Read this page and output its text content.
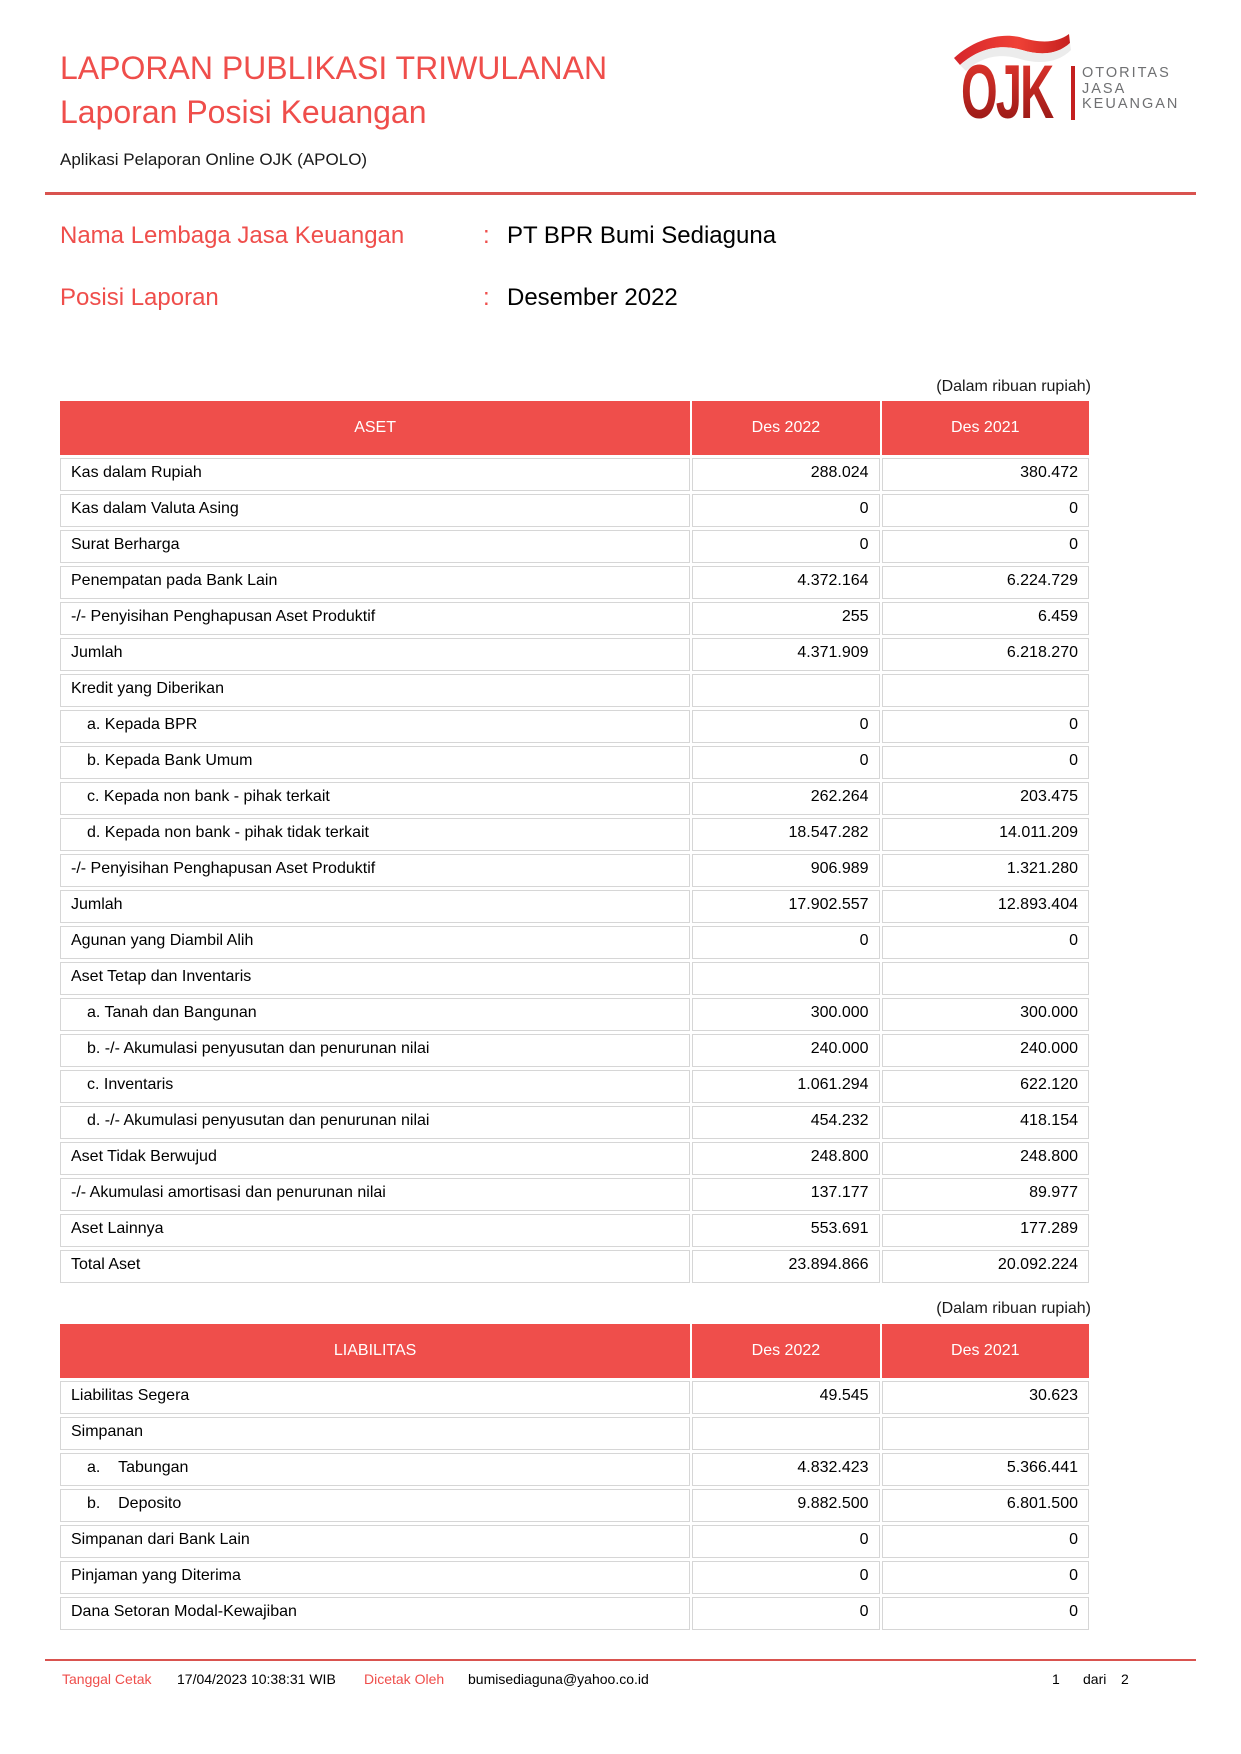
LAPORAN PUBLIKASI TRIWULANAN
Laporan Posisi Keuangan
Aplikasi Pelaporan Online OJK (APOLO)
OJK OTORITAS
JASA
KEUANGAN
Nama Lembaga Jasa Keuangan	: PT BPR Bumi Sediaguna
Posisi Laporan	: Desember 2022
(Dalam ribuan rupiah)
ASET	Des 2022	Des 2021
Kas dalam Rupiah	288.024	380.472
Kas dalam Valuta Asing	0	0
Surat Berharga	0	0
Penempatan pada Bank Lain	4.372.164	6.224.729
-/- Penyisihan Penghapusan Aset Produktif	255	6.459
Jumlah	4.371.909	6.218.270
Kredit yang Diberikan		
a. Kepada BPR	0	0
b. Kepada Bank Umum	0	0
c. Kepada non bank - pihak terkait	262.264	203.475
d. Kepada non bank - pihak tidak terkait	18.547.282	14.011.209
-/- Penyisihan Penghapusan Aset Produktif	906.989	1.321.280
Jumlah	17.902.557	12.893.404
Agunan yang Diambil Alih	0	0
Aset Tetap dan Inventaris		
a. Tanah dan Bangunan	300.000	300.000
b. -/- Akumulasi penyusutan dan penurunan nilai	240.000	240.000
c. Inventaris	1.061.294	622.120
d. -/- Akumulasi penyusutan dan penurunan nilai	454.232	418.154
Aset Tidak Berwujud	248.800	248.800
-/- Akumulasi amortisasi dan penurunan nilai	137.177	89.977
Aset Lainnya	553.691	177.289
Total Aset	23.894.866	20.092.224
(Dalam ribuan rupiah)
LIABILITAS	Des 2022	Des 2021
Liabilitas Segera	49.545	30.623
Simpanan		
a.    Tabungan	4.832.423	5.366.441
b.    Deposito	9.882.500	6.801.500
Simpanan dari Bank Lain	0	0
Pinjaman yang Diterima	0	0
Dana Setoran Modal-Kewajiban	0	0
Tanggal Cetak 17/04/2023 10:38:31 WIB Dicetak Oleh bumisediaguna@yahoo.co.id	1 dari 2
